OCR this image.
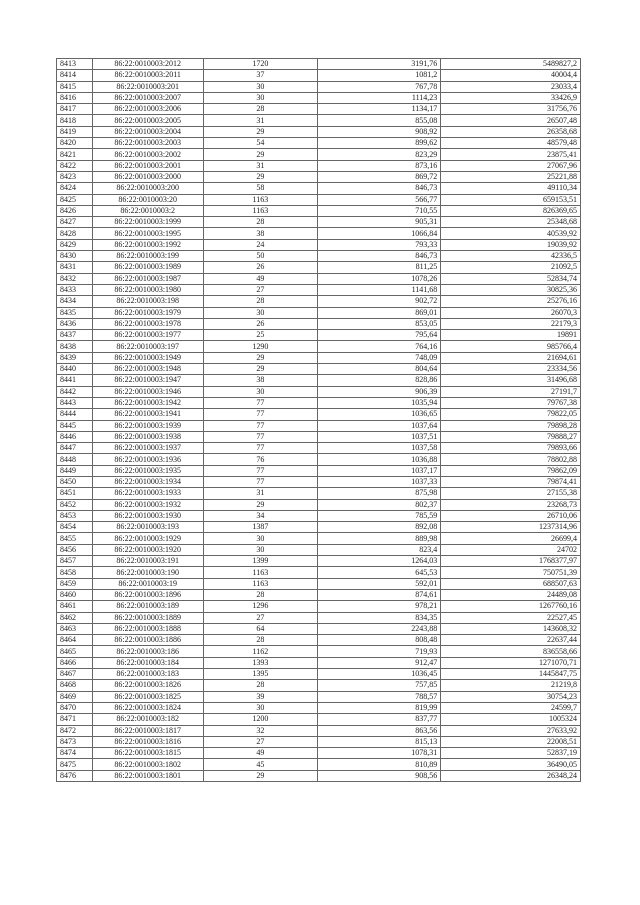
8413	86:22:0010003:2012	1720	3191,76	5489827,2
8414	86:22:0010003:2011	37	1081,2	40004,4
8415	86:22:0010003:201	30	767,78	23033,4
8416	86:22:0010003:2007	30	1114,23	33426,9
8417	86:22:0010003:2006	28	1134,17	31756,76
8418	86:22:0010003:2005	31	855,08	26507,48
8419	86:22:0010003:2004	29	908,92	26358,68
8420	86:22:0010003:2003	54	899,62	48579,48
8421	86:22:0010003:2002	29	823,29	23875,41
8422	86:22:0010003:2001	31	873,16	27067,96
8423	86:22:0010003:2000	29	869,72	25221,88
8424	86:22:0010003:200	58	846,73	49110,34
8425	86:22:0010003:20	1163	566,77	659153,51
8426	86:22:0010003:2	1163	710,55	826369,65
8427	86:22:0010003:1999	28	905,31	25348,68
8428	86:22:0010003:1995	38	1066,84	40539,92
8429	86:22:0010003:1992	24	793,33	19039,92
8430	86:22:0010003:199	50	846,73	42336,5
8431	86:22:0010003:1989	26	811,25	21092,5
8432	86:22:0010003:1987	49	1078,26	52834,74
8433	86:22:0010003:1980	27	1141,68	30825,36
8434	86:22:0010003:198	28	902,72	25276,16
8435	86:22:0010003:1979	30	869,01	26070,3
8436	86:22:0010003:1978	26	853,05	22179,3
8437	86:22:0010003:1977	25	795,64	19891
8438	86:22:0010003:197	1290	764,16	985766,4
8439	86:22:0010003:1949	29	748,09	21694,61
8440	86:22:0010003:1948	29	804,64	23334,56
8441	86:22:0010003:1947	38	828,86	31496,68
8442	86:22:0010003:1946	30	906,39	27191,7
8443	86:22:0010003:1942	77	1035,94	79767,38
8444	86:22:0010003:1941	77	1036,65	79822,05
8445	86:22:0010003:1939	77	1037,64	79898,28
8446	86:22:0010003:1938	77	1037,51	79888,27
8447	86:22:0010003:1937	77	1037,58	79893,66
8448	86:22:0010003:1936	76	1036,88	78802,88
8449	86:22:0010003:1935	77	1037,17	79862,09
8450	86:22:0010003:1934	77	1037,33	79874,41
8451	86:22:0010003:1933	31	875,98	27155,38
8452	86:22:0010003:1932	29	802,37	23268,73
8453	86:22:0010003:1930	34	785,59	26710,06
8454	86:22:0010003:193	1387	892,08	1237314,96
8455	86:22:0010003:1929	30	889,98	26699,4
8456	86:22:0010003:1920	30	823,4	24702
8457	86:22:0010003:191	1399	1264,03	1768377,97
8458	86:22:0010003:190	1163	645,53	750751,39
8459	86:22:0010003:19	1163	592,01	688507,63
8460	86:22:0010003:1896	28	874,61	24489,08
8461	86:22:0010003:189	1296	978,21	1267760,16
8462	86:22:0010003:1889	27	834,35	22527,45
8463	86:22:0010003:1888	64	2243,88	143608,32
8464	86:22:0010003:1886	28	808,48	22637,44
8465	86:22:0010003:186	1162	719,93	836558,66
8466	86:22:0010003:184	1393	912,47	1271070,71
8467	86:22:0010003:183	1395	1036,45	1445847,75
8468	86:22:0010003:1826	28	757,85	21219,8
8469	86:22:0010003:1825	39	788,57	30754,23
8470	86:22:0010003:1824	30	819,99	24599,7
8471	86:22:0010003:182	1200	837,77	1005324
8472	86:22:0010003:1817	32	863,56	27633,92
8473	86:22:0010003:1816	27	815,13	22008,51
8474	86:22:0010003:1815	49	1078,31	52837,19
8475	86:22:0010003:1802	45	810,89	36490,05
8476	86:22:0010003:1801	29	908,56	26348,24
